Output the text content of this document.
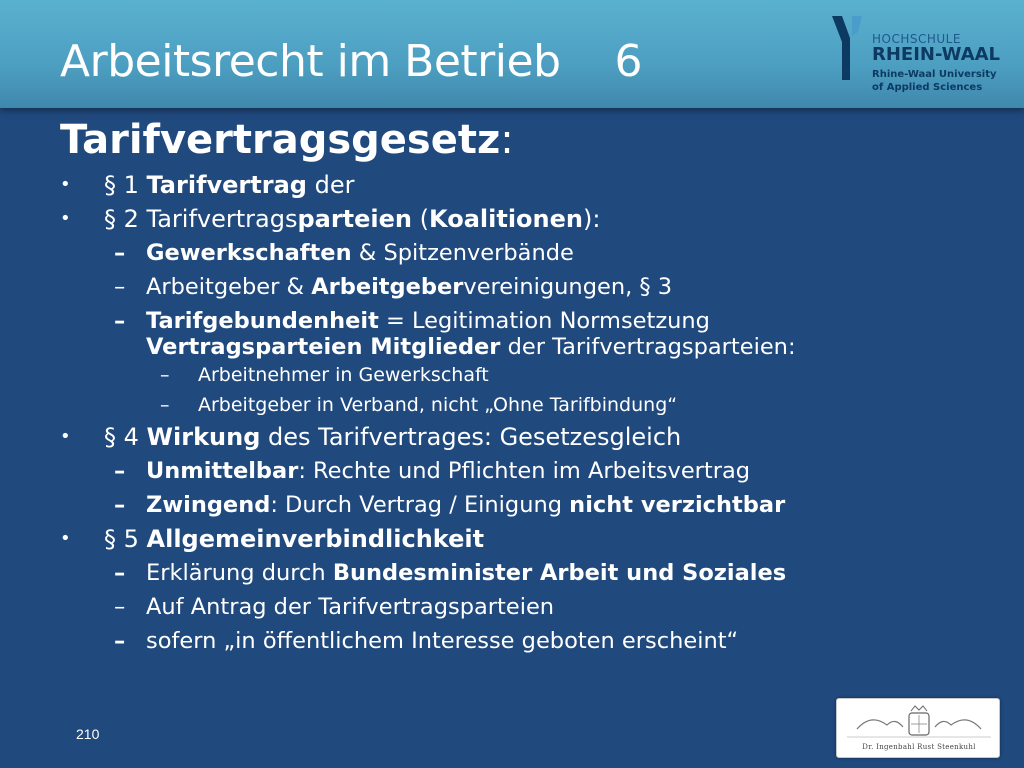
Arbeitsrecht im Betrieb    6	HOCHSCHULE
RHEIN-WAAL
Rhine-Waal University
of Applied Sciences
Tarifvertragsgesetz:
• § 1 Tarifvertrag der
• § 2 Tarifvertragsparteien (Koalitionen):
– Gewerkschaften & Spitzenverbände
– Arbeitgeber & Arbeitgebervereinigungen, § 3
– Tarifgebundenheit = Legitimation Normsetzung
Vertragsparteien Mitglieder der Tarifvertragsparteien:
– Arbeitnehmer in Gewerkschaft
– Arbeitgeber in Verband, nicht „Ohne Tarifbindung“
• § 4 Wirkung des Tarifvertrages: Gesetzesgleich
– Unmittelbar: Rechte und Pflichten im Arbeitsvertrag
– Zwingend: Durch Vertrag / Einigung nicht verzichtbar
• § 5 Allgemeinverbindlichkeit
– Erklärung durch Bundesminister Arbeit und Soziales
– Auf Antrag der Tarifvertragsparteien
– sofern „in öffentlichem Interesse geboten erscheint“
210
Dr. Ingenbahl Rust Steenkuhl
